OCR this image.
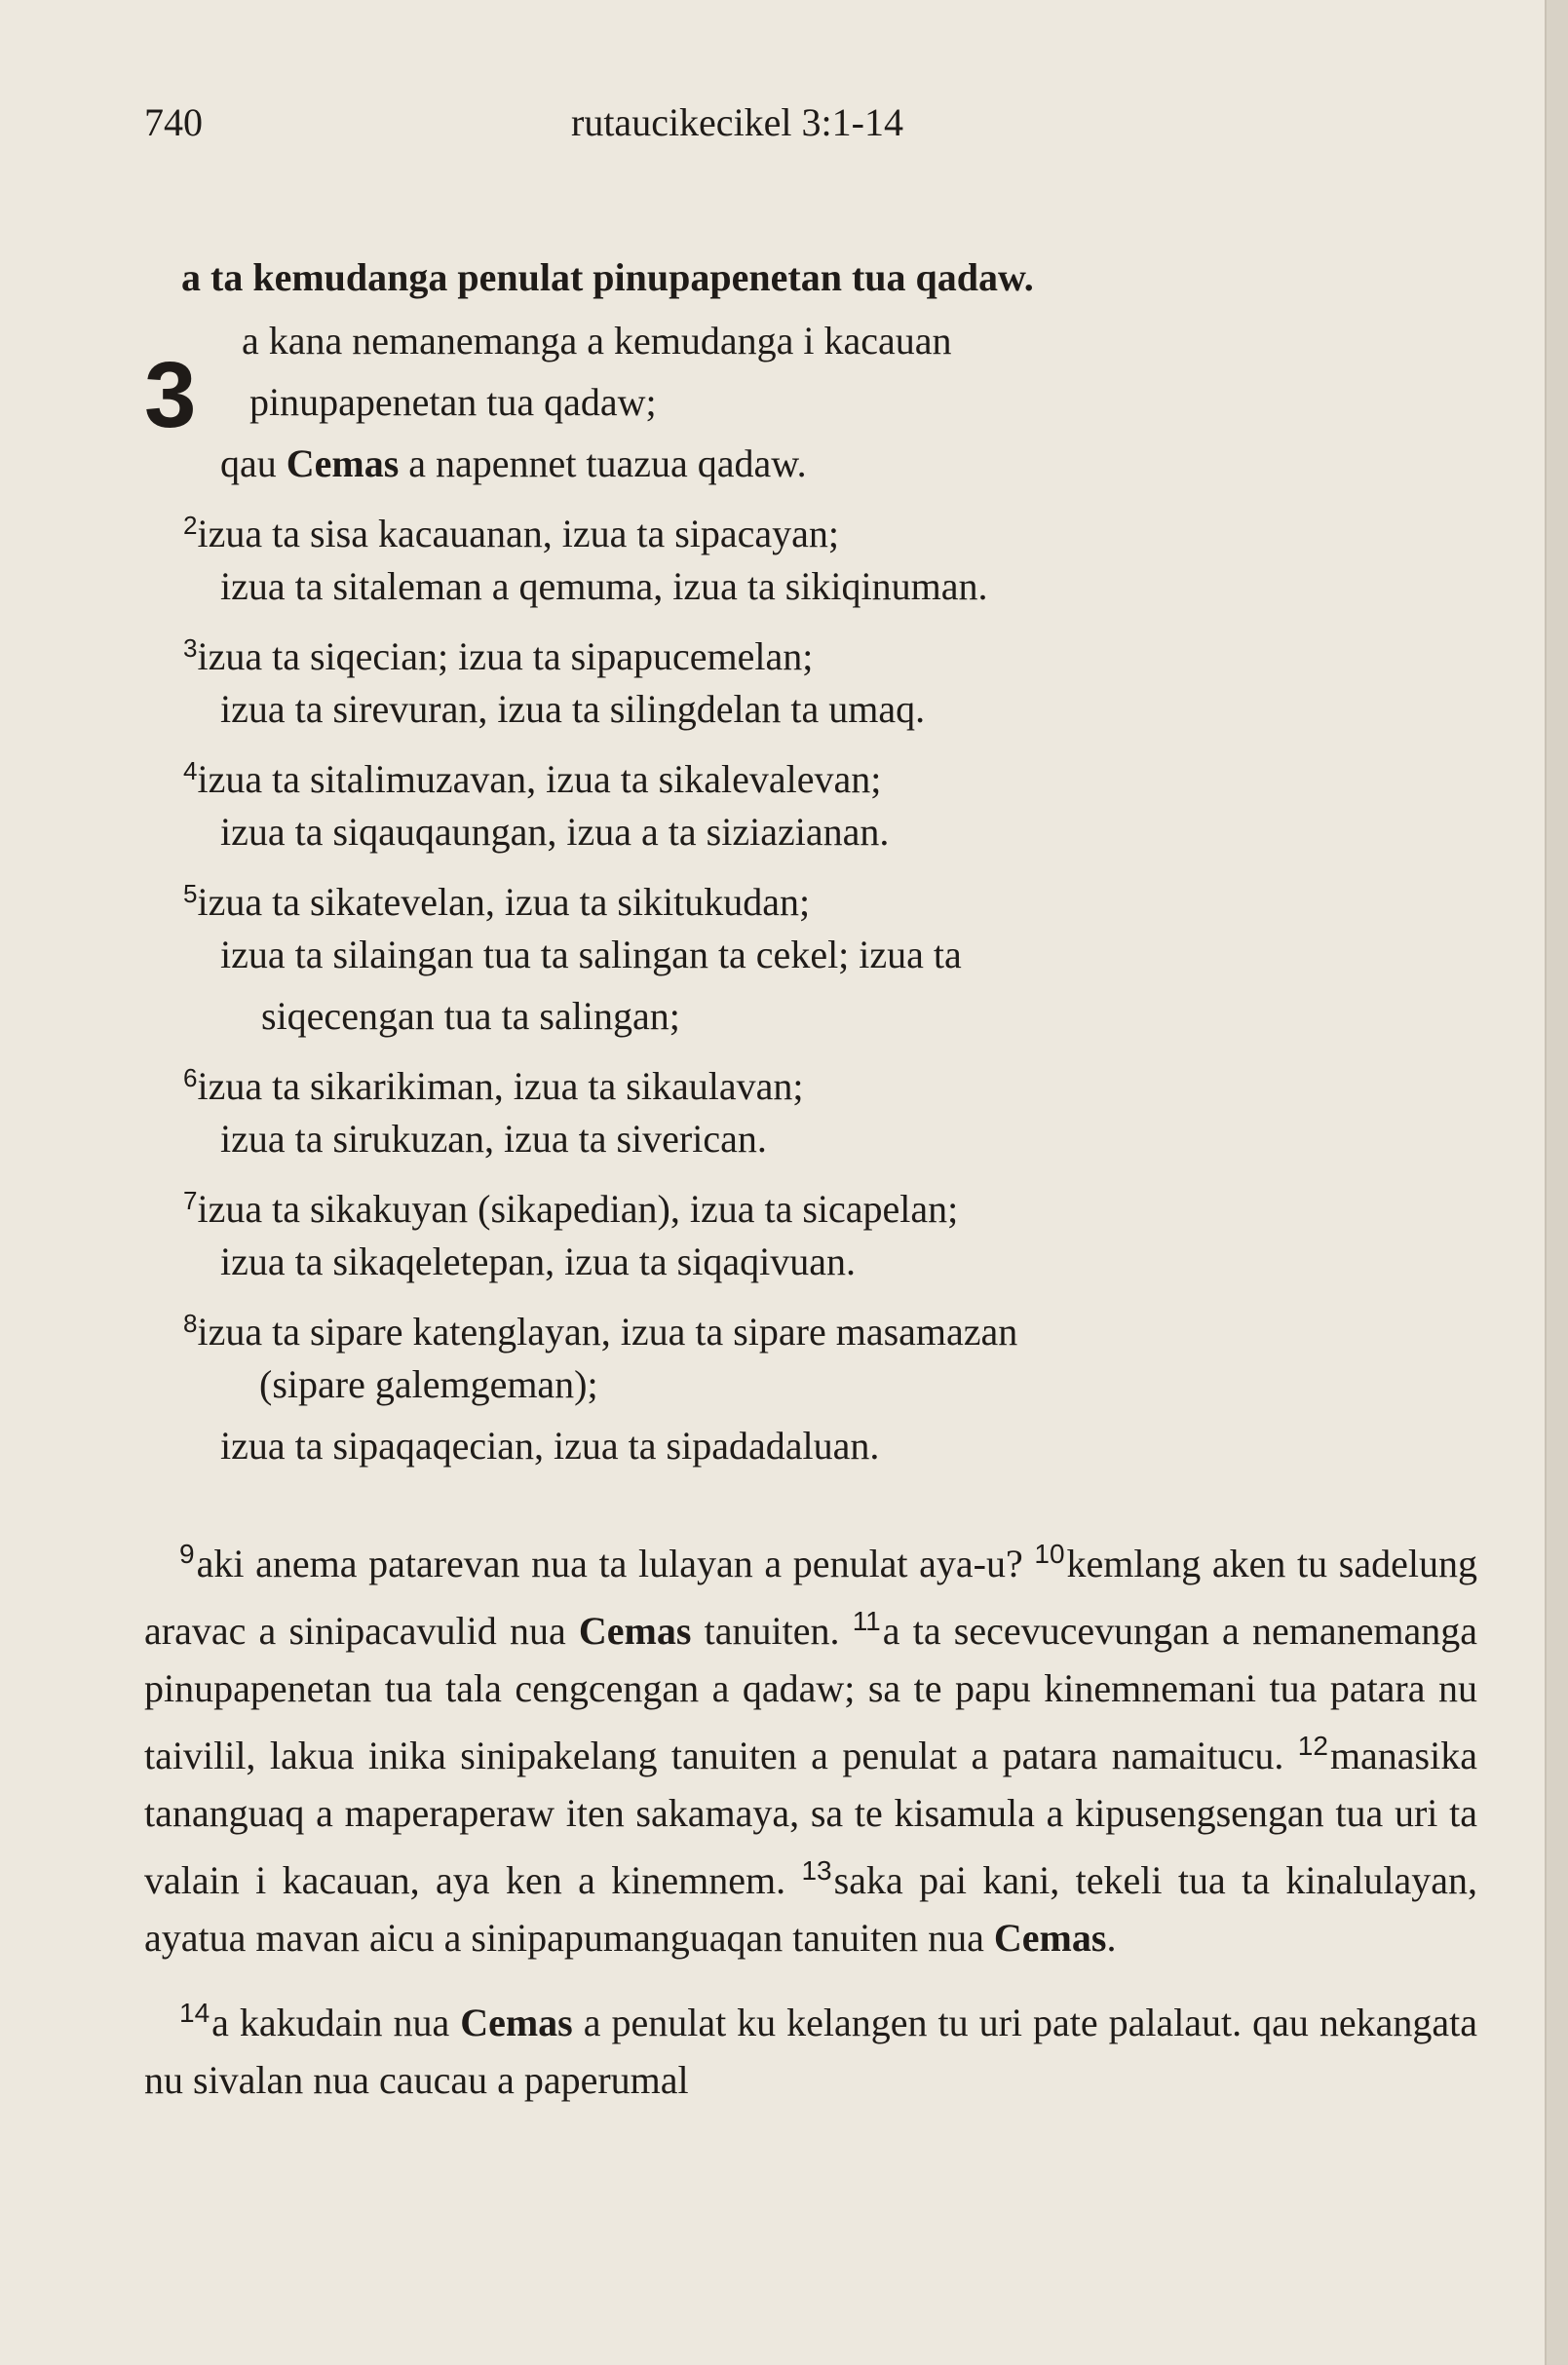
740	rutaucikecikel 3:1-14
a ta kemudanga penulat pinupapenetan tua qadaw.
3
a kana nemanemanga a kemudanga i kacauan
pinupapenetan tua qadaw;
qau Cemas a napennet tuazua qadaw.
$^2$izua ta sisa kacauanan, izua ta sipacayan;
izua ta sitaleman a qemuma, izua ta sikiqinuman.
$^3$izua ta siqecian; izua ta sipapucemelan;
izua ta sirevuran, izua ta silingdelan ta umaq.
$^4$izua ta sitalimuzavan, izua ta sikalevalevan;
izua ta siqauqaungan, izua a ta siziazianan.
$^5$izua ta sikatevelan, izua ta sikitukudan;
izua ta silaingan tua ta salingan ta cekel; izua ta
siqecengan tua ta salingan;
$^6$izua ta sikarikiman, izua ta sikaulavan;
izua ta sirukuzan, izua ta siverican.
$^7$izua ta sikakuyan (sikapedian), izua ta sicapelan;
izua ta sikaqeletepan, izua ta siqaqivuan.
$^8$izua ta sipare katenglayan, izua ta sipare masamazan
(sipare galemgeman);
izua ta sipaqaqecian, izua ta sipadadaluan.

$^9$aki anema patarevan nua ta lulayan a penulat aya-u? $^{10}$kemlang aken tu sadelung aravac a sinipacavulid nua Cemas tanuiten. $^{11}$a ta secevucevungan a nemanemanga pinupapenetan tua tala cengcengan a qadaw; sa te papu kinemnemani tua patara nu taivilil, lakua inika sinipakelang tanuiten a penulat a patara namaitucu. $^{12}$manasika tananguaq a maperaperaw iten sakamaya, sa te kisamula a kipusengsengan tua uri ta valain i kacauan, aya ken a kinemnem. $^{13}$saka pai kani, tekeli tua ta kinalulayan, ayatua mavan aicu a sinipapumanguaqan tanuiten nua Cemas.

$^{14}$a kakudain nua Cemas a penulat ku kelangen tu uri pate palalaut. qau nekangata nu sivalan nua caucau a paperumal
